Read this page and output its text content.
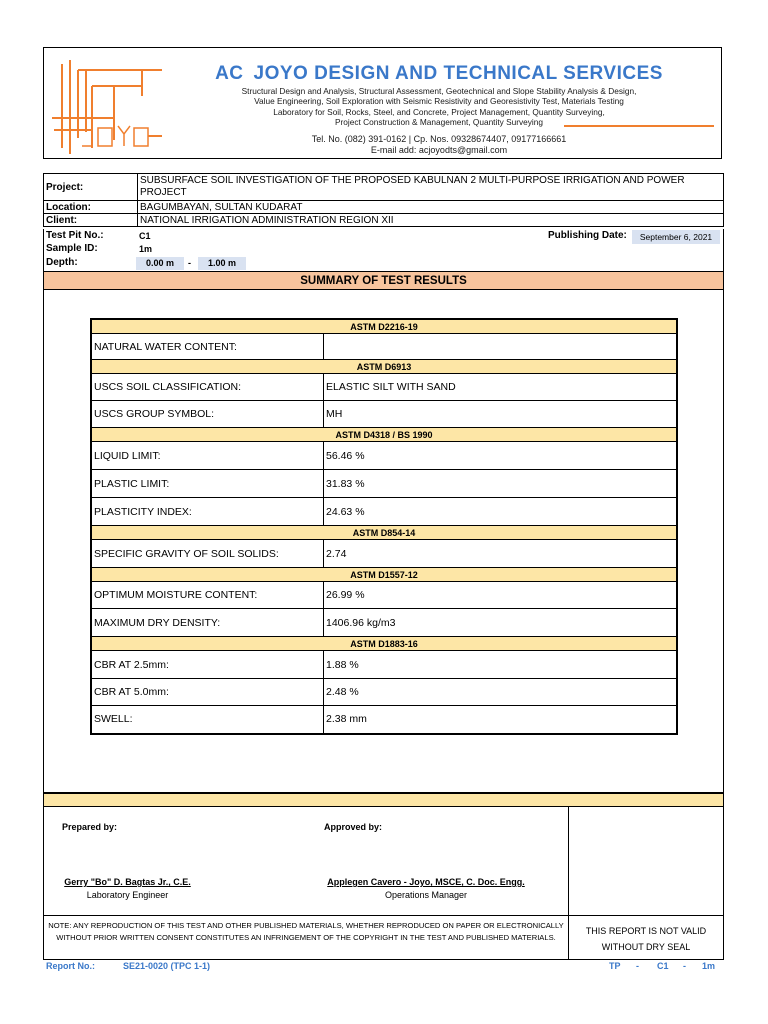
AC JOYO DESIGN AND TECHNICAL SERVICES
Structural Design and Analysis, Structural Assessment, Geotechnical and Slope Stability Analysis & Design,
Value Engineering, Soil Exploration with Seismic Resistivity and Georesistivity Test, Materials Testing
Laboratory for Soil, Rocks, Steel, and Concrete, Project Management, Quantity Surveying,
Project Construction & Management, Quantity Surveying
Tel. No. (082) 391-0162 | Cp. Nos. 09328674407, 09177166661
E-mail add: acjoyodts@gmail.com
Project:	SUBSURFACE SOIL INVESTIGATION OF THE PROPOSED KABULNAN 2 MULTI-PURPOSE IRRIGATION AND POWER PROJECT
Location:	BAGUMBAYAN, SULTAN KUDARAT
Client:	NATIONAL IRRIGATION ADMINISTRATION REGION XII
Test Pit No.:	C1
Sample ID:	1m
Depth:	0.00 m	-	1.00 m
Publishing Date:	September 6, 2021
SUMMARY OF TEST RESULTS
ASTM D2216-19	
NATURAL WATER CONTENT:	
ASTM D6913	
USCS SOIL CLASSIFICATION:	ELASTIC SILT WITH SAND
USCS GROUP SYMBOL:	MH
ASTM D4318 / BS 1990	
LIQUID LIMIT:	56.46 %
PLASTIC LIMIT:	31.83 %
PLASTICITY INDEX:	24.63 %
ASTM D854-14	
SPECIFIC GRAVITY OF SOIL SOLIDS:	2.74
ASTM D1557-12	
OPTIMUM MOISTURE CONTENT:	26.99 %
MAXIMUM DRY DENSITY:	1406.96 kg/m3
ASTM D1883-16	
CBR AT 2.5mm:	1.88 %
CBR AT 5.0mm:	2.48 %
SWELL:	2.38 mm
Prepared by:
Gerry "Bo" D. Bagtas Jr., C.E.
Laboratory Engineer
Approved by:
Applegen Cavero - Joyo, MSCE, C. Doc. Engg.
Operations Manager
NOTE: ANY REPRODUCTION OF THIS TEST AND OTHER PUBLISHED MATERIALS, WHETHER REPRODUCED ON PAPER OR ELECTRONICALLY WITHOUT PRIOR WRITTEN CONSENT CONSTITUTES AN INFRINGEMENT OF THE COPYRIGHT IN THE TEST AND PUBLISHED MATERIALS.
THIS REPORT IS NOT VALID WITHOUT DRY SEAL
Report No.:	SE21-0020 (TPC 1-1)	TP - C1 - 1m
